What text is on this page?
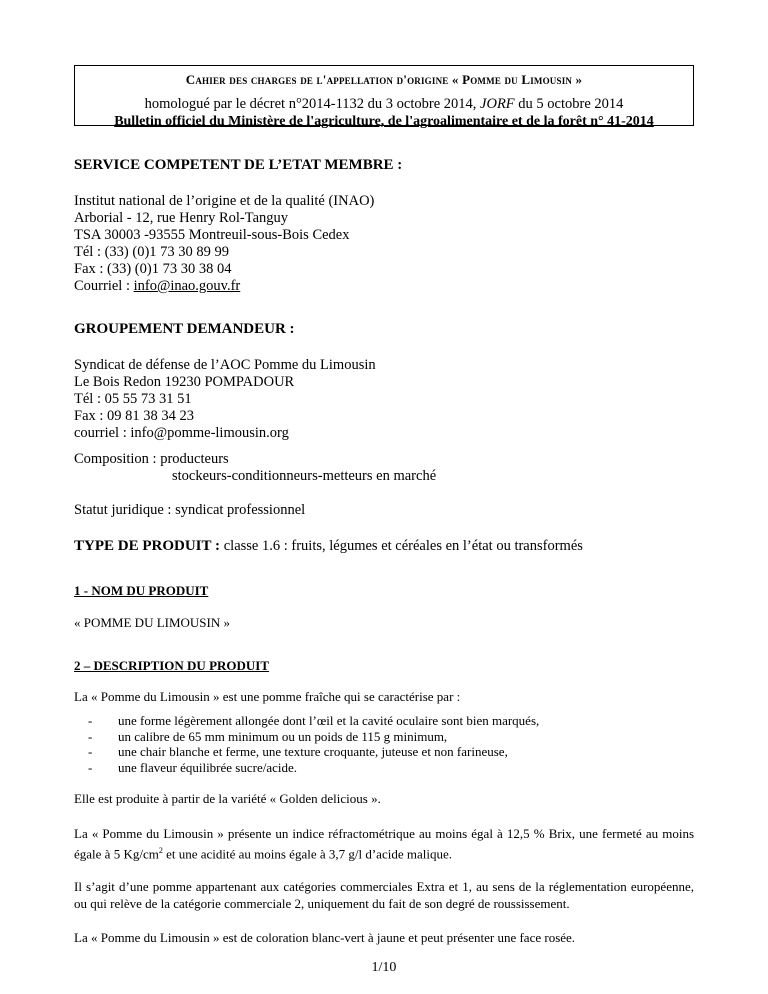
Cahier des charges de l'appellation d'origine « Pomme du Limousin »
homologué par le décret n°2014-1132 du 3 octobre 2014, JORF du 5 octobre 2014
Bulletin officiel du Ministère de l'agriculture, de l'agroalimentaire et de la forêt n° 41-2014
SERVICE COMPETENT DE L’ETAT MEMBRE :
Institut national de l’origine et de la qualité (INAO)
Arborial - 12, rue Henry Rol-Tanguy
TSA 30003 -93555 Montreuil-sous-Bois Cedex
Tél : (33) (0)1 73 30 89 99
Fax : (33) (0)1 73 30 38 04
Courriel : info@inao.gouv.fr
GROUPEMENT DEMANDEUR :
Syndicat de défense de l’AOC Pomme du Limousin
Le Bois Redon 19230 POMPADOUR
Tél : 05 55 73 31 51
Fax : 09 81 38 34 23
courriel : info@pomme-limousin.org
Composition : producteurs
stockeurs-conditionneurs-metteurs en marché
Statut juridique : syndicat professionnel
TYPE DE PRODUIT : classe 1.6 : fruits, légumes et céréales en l’état ou transformés
1 - NOM DU PRODUIT
« POMME DU LIMOUSIN »
2 – DESCRIPTION DU PRODUIT
La « Pomme du Limousin » est une pomme fraîche qui se caractérise par :
- une forme légèrement allongée dont l’œil et la cavité oculaire sont bien marqués,
- un calibre de 65 mm minimum ou un poids de 115 g minimum,
- une chair blanche et ferme, une texture croquante, juteuse et non farineuse,
- une flaveur équilibrée sucre/acide.
Elle est produite à partir de la variété « Golden delicious ».
La « Pomme du Limousin » présente un indice réfractométrique au moins égal à 12,5 % Brix, une fermeté au moins égale à 5 $Kg/cm^2$ et une acidité au moins égale à 3,7 g/l d’acide malique.
Il s’agit d’une pomme appartenant aux catégories commerciales Extra et 1, au sens de la réglementation européenne, ou qui relève de la catégorie commerciale 2, uniquement du fait de son degré de roussissement.
La « Pomme du Limousin » est de coloration blanc-vert à jaune et peut présenter une face rosée.
1/10
